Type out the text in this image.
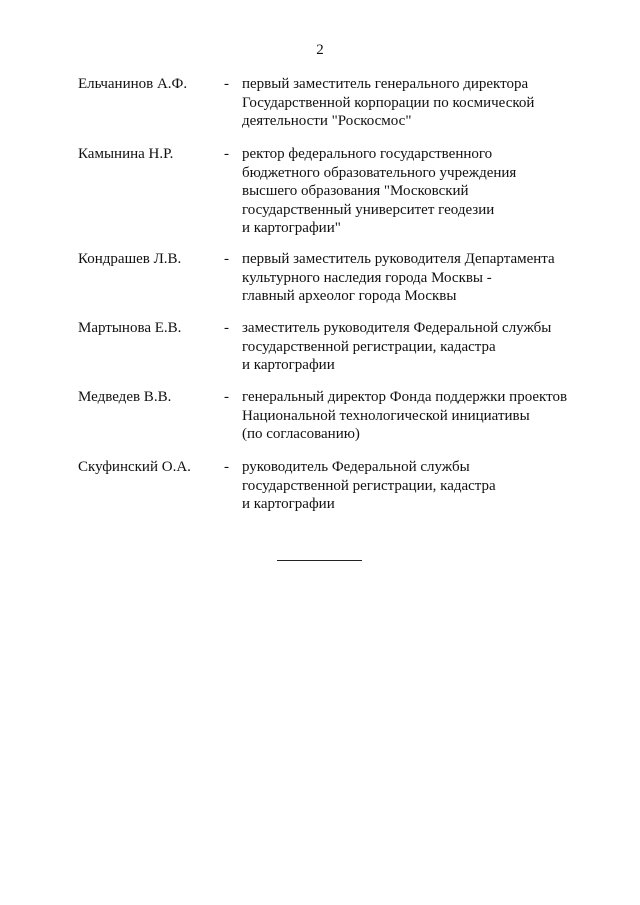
2
Ельчанинов А.Ф. - первый заместитель генерального директора
Государственной корпорации по космической
деятельности "Роскосмос"
Камынина Н.Р.	- ректор федерального государственного
бюджетного образовательного учреждения
высшего образования "Московский
государственный университет геодезии
и картографии"
Кондрашев Л.В.	- первый заместитель руководителя Департамента
культурного наследия города Москвы -
главный археолог города Москвы
Мартынова Е.В.	- заместитель руководителя Федеральной службы
государственной регистрации, кадастра
и картографии
Медведев В.В.	- генеральный директор Фонда поддержки проектов
Национальной технологической инициативы
(по согласованию)
Скуфинский О.А. - руководитель Федеральной службы
государственной регистрации, кадастра
и картографии
